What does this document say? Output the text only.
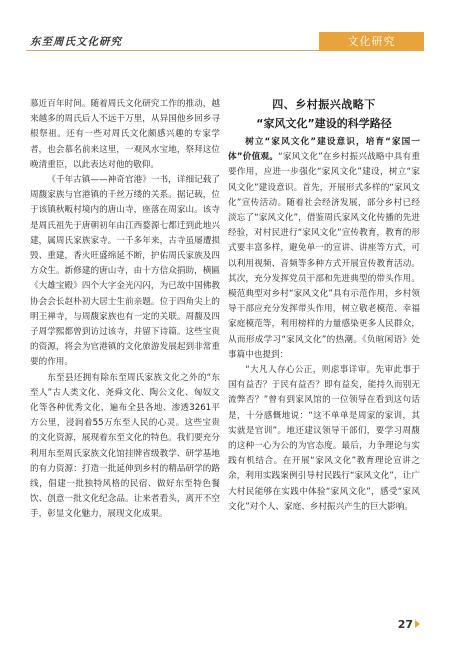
东至周氏文化研究	文化研究

慕近百年时间。随着周氏文化研究工作的推动，越来越多的周氏后人不远千万里，从异国他乡回乡寻根祭祖。还有一些对周氏文化颇感兴趣的专家学者，也会慕名前来这里，一观风水宝地，祭拜这位晚清重臣，以此表达对他的敬仰。

《千年古镇——神奇官港》一书，详细记载了周馥家族与官港镇的千丝万缕的关系。据记载，位于该镇秋畈村境内的唐山寺，座落在周家山。该寺是周氏祖先于唐朝初年由江西婺源七都迁到此地兴建，属周氏家族家寺。一千多年来，古寺虽屡遭损毁、重建，香火旺盛绵延不断，护佑周氏家族及四方众生。新修建的唐山寺，由十方信众捐助，横匾《大雄宝殿》四个大字金光闪闪，为已故中国佛教协会会长赵朴初大居士生前亲题。位于四角尖上的明王禅寺，与周馥家族也有一定的关联。周馥及四子周学熙都曾到访过该寺，并留下诗篇。这些宝贵的资源，将会为官港镇的文化旅游发展起到非常重要的作用。

东至县还拥有除东至周氏家族文化之外的“东至人”古人类文化、尧舜文化、陶公文化、匈奴文化等各种优秀文化，遍布全县各地、渗透3261平方公里，浸润着55万东至人民的心灵。这些宝贵的文化资源，展现着东至文化的特色。我们要充分利用东至周氏家族文化馆挂牌省级教学、研学基地的有力资源：打造一批延伸到乡村的精品研学的路线，倡建一批独特风格的民宿、做好东至特色餐饮、创意一批文化纪念品。让来者看头，离开不空手，彰显文化魅力，展现文化成果。

四、乡村振兴战略下
“家风文化”建设的科学路径

树立“家风文化”建设意识，培育“家国一体”价值观。“家风文化”在乡村振兴战略中具有重要作用，应进一步强化“家风文化”建设，树立“家风文化”建设意识。首先，开展形式多样的“家风文化”宣传活动。随着社会经济发展，部分乡村已经淡忘了“家风文化”，借鉴周氏家风文化传播的先进经验，对村民进行“家风文化”宣传教育，教育的形式要丰富多样，避免单一的宣讲、讲座等方式，可以利用视频、音频等多种方式开展宣传教育活动。其次，充分发挥党员干部和先进典型的带头作用。模范典型对乡村“家风文化”具有示范作用，乡村领导干部应充分发挥带头作用，树立敬老模范、幸福家庭模范等，利用榜样的力量感染更多人民群众，从而形成学习“家风文化”的热潮。《负暄闲语》处事篇中也提到：

“大凡人存心公正，则虑事详审。先审此事于国有益否？于民有益否？即有益矣，能持久而别无流弊否？”曾有到家风馆的一位领导在看到这句话是，十分感慨地说：“这不单单是周家的家训，其实就是官训”。地还建议领导干部们，要学习周馥的这种一心为公的为官态度。最后，力争理论与实践有机结合。在开展“家风文化”教育理论宣讲之余，利用实践案例引导村民践行“家风文化”，让广大村民能够在实践中体验“家风文化”，感受“家风文化”对个人、家庭、乡村振兴产生的巨大影响。

27
